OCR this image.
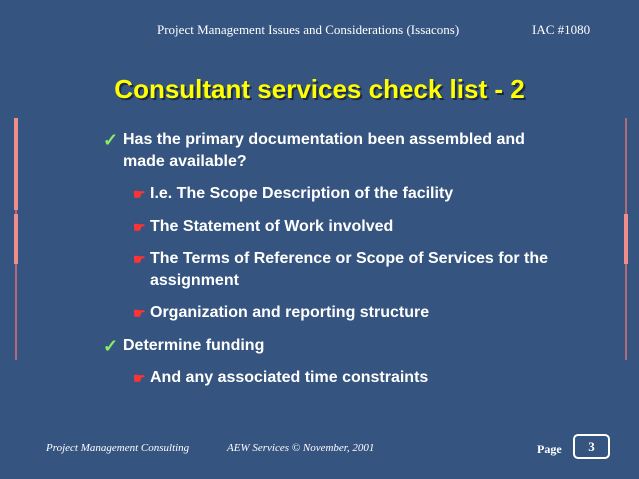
Project Management Issues and Considerations (Issacons)	IAC #1080
Consultant services check list - 2
✓ Has the primary documentation been assembled and made available?
☛ I.e. The Scope Description of the facility
☛ The Statement of Work involved
☛ The Terms of Reference or Scope of Services for the assignment
☛ Organization and reporting structure
✓ Determine funding
☛ And any associated time constraints
Project Management Consulting	AEW Services © November, 2001	Page	3
